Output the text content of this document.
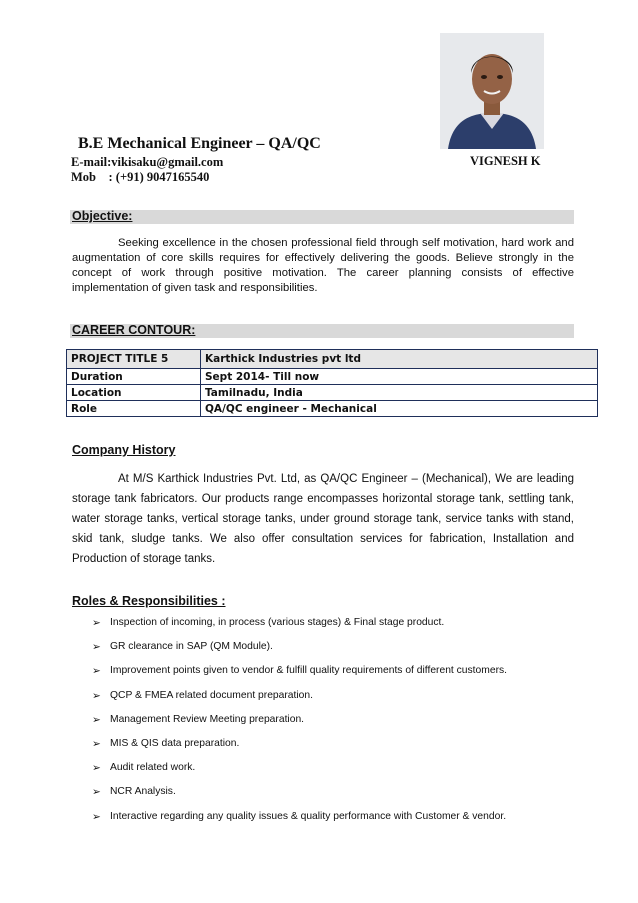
B.E Mechanical Engineer – QA/QC
E-mail:vikisaku@gmail.com
Mob    : (+91) 9047165540
VIGNESH K
Objective:
Seeking excellence in the chosen professional field through self motivation, hard work and augmentation of core skills requires for effectively delivering the goods. Believe strongly in the concept of work through positive motivation. The career planning consists of effective implementation of given task and responsibilities.
CAREER CONTOUR:
PROJECT TITLE 5	Karthick Industries pvt ltd
Duration	Sept 2014- Till now
Location	Tamilnadu, India
Role	QA/QC engineer - Mechanical
Company History
At M/S Karthick Industries Pvt. Ltd, as QA/QC Engineer – (Mechanical), We are leading storage tank fabricators. Our products range encompasses horizontal storage tank, settling tank, water storage tanks, vertical storage tanks, under ground storage tank, service tanks with stand, skid tank, sludge tanks. We also offer consultation services for fabrication, Installation and Production of storage tanks.
Roles & Responsibilities :
➢ Inspection of incoming, in process (various stages) & Final stage product.
➢ GR clearance in SAP (QM Module).
➢ Improvement points given to vendor & fulfill quality requirements of different customers.
➢ QCP & FMEA related document preparation.
➢ Management Review Meeting preparation.
➢ MIS & QIS data preparation.
➢ Audit related work.
➢ NCR Analysis.
➢ Interactive regarding any quality issues & quality performance with Customer & vendor.
